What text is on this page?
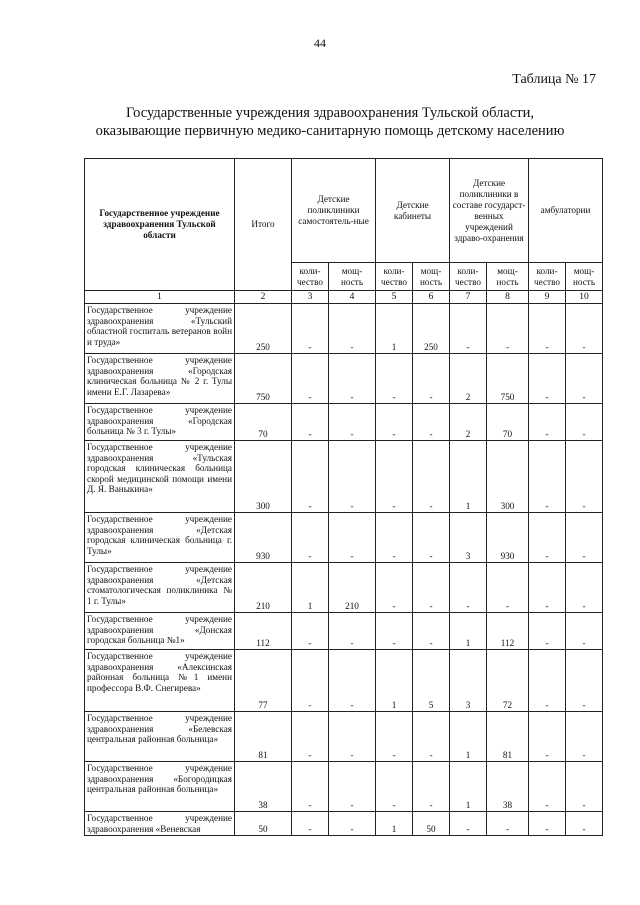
44
Таблица № 17
Государственные учреждения здравоохранения Тульской области,
оказывающие первичную медико-санитарную помощь детскому населению
Государственное учреждение здравоохранения Тульской области	Итого	Детские поликлиники самостоятель-ные		Детские кабинеты		Детские поликлиники в составе государст-венных учреждений здраво-охранения		амбулатории	
		коли-чество	мощ-ность	коли-чество	мощ-ность	коли-чество	мощ-ность	коли-чество	мощ-ность
1	2	3	4	5	6	7	8	9	10
Государственное учреждение здравоохранения «Тульский областной госпиталь ветеранов войн и труда»	250	-	-	1	250	-	-	-	-
Государственное учреждение здравоохранения «Городская клиническая больница № 2 г. Тулы имени Е.Г. Лазарева»	750	-	-	-	-	2	750	-	-
Государственное учреждение здравоохранения «Городская больница № 3 г. Тулы»	70	-	-	-	-	2	70	-	-
Государственное учреждение здравоохранения «Тульская городская клиническая больница скорой медицинской помощи имени Д. Я. Ваныкина»	300	-	-	-	-	1	300	-	-
Государственное учреждение здравоохранения «Детская городская клиническая больница г. Тулы»	930	-	-	-	-	3	930	-	-
Государственное учреждение здравоохранения «Детская стоматологическая поликлиника № 1 г. Тулы»	210	1	210	-	-	-	-	-	-
Государственное учреждение здравоохранения «Донская городская больница №1»	112	-	-	-	-	1	112	-	-
Государственное учреждение здравоохранения «Алексинская районная больница №1 имени профессора В.Ф. Снегирева»	77	-	-	1	5	3	72	-	-
Государственное учреждение здравоохранения «Белевская центральная районная больница»	81	-	-	-	-	1	81	-	-
Государственное учреждение здравоохранения «Богородицкая центральная районная больница»	38	-	-	-	-	1	38	-	-
Государственное учреждение здравоохранения «Веневская	50	-	-	1	50	-	-	-	-
